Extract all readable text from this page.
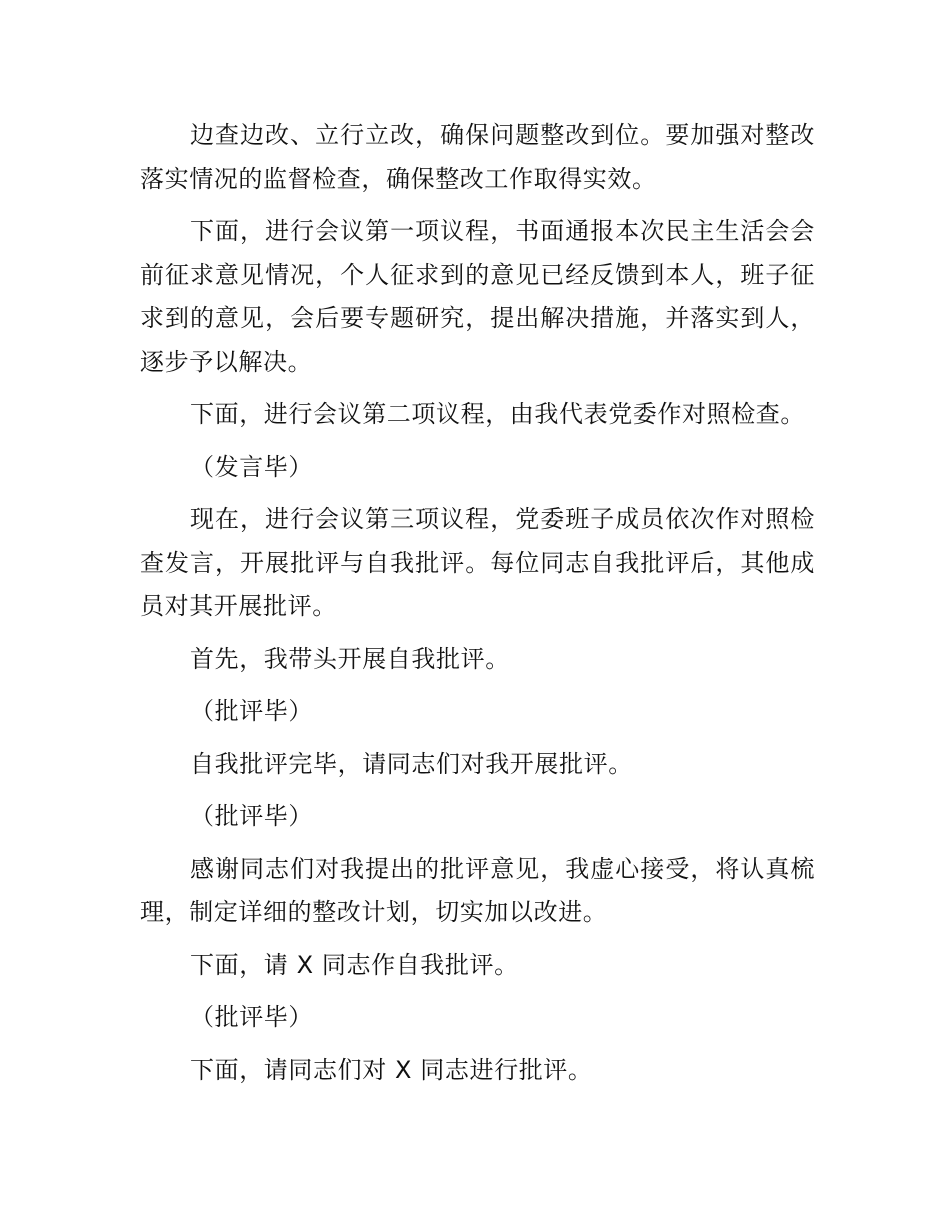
边查边改、立行立改，确保问题整改到位。要加强对整改落实情况的监督检查，确保整改工作取得实效。

下面，进行会议第一项议程，书面通报本次民主生活会会前征求意见情况，个人征求到的意见已经反馈到本人，班子征求到的意见，会后要专题研究，提出解决措施，并落实到人，逐步予以解决。

下面，进行会议第二项议程，由我代表党委作对照检查。

（发言毕）

现在，进行会议第三项议程，党委班子成员依次作对照检查发言，开展批评与自我批评。每位同志自我批评后，其他成员对其开展批评。

首先，我带头开展自我批评。

（批评毕）

自我批评完毕，请同志们对我开展批评。

（批评毕）

感谢同志们对我提出的批评意见，我虚心接受，将认真梳理，制定详细的整改计划，切实加以改进。

下面，请 X 同志作自我批评。

（批评毕）

下面，请同志们对 X 同志进行批评。
